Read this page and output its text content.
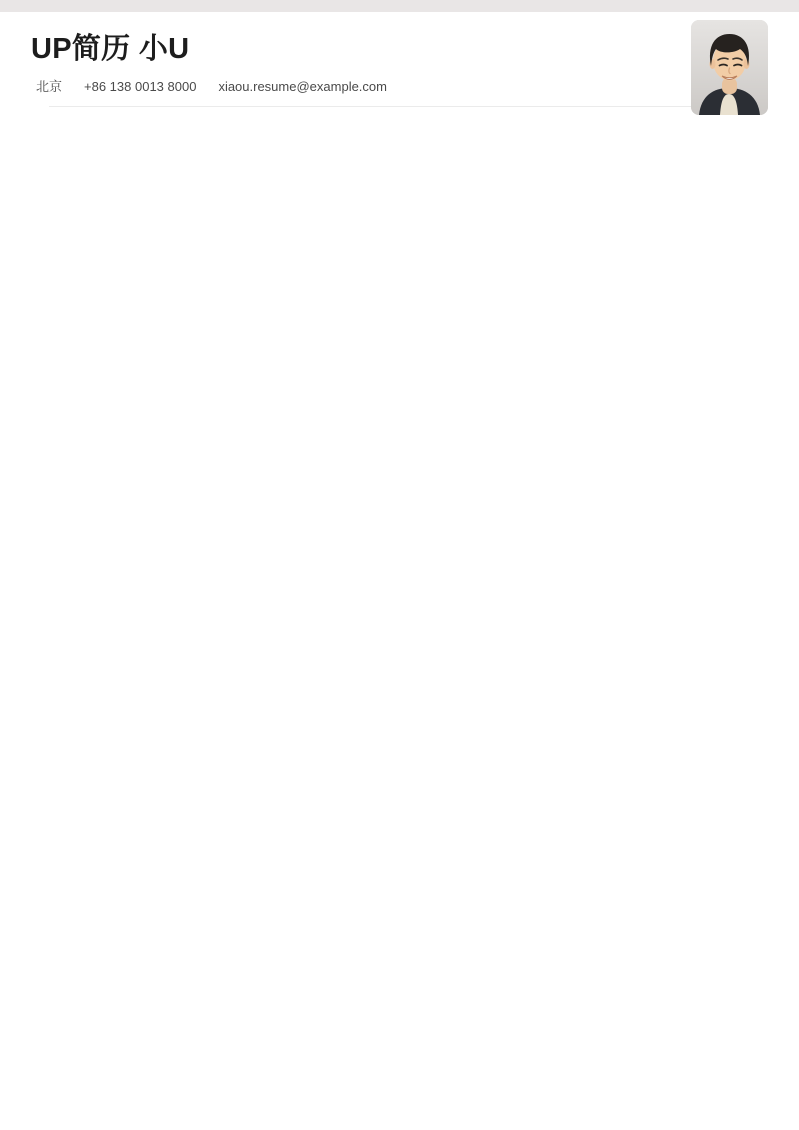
UP简历 小U
北京 +86 138 0013 8000 xiaou.resume@example.com
